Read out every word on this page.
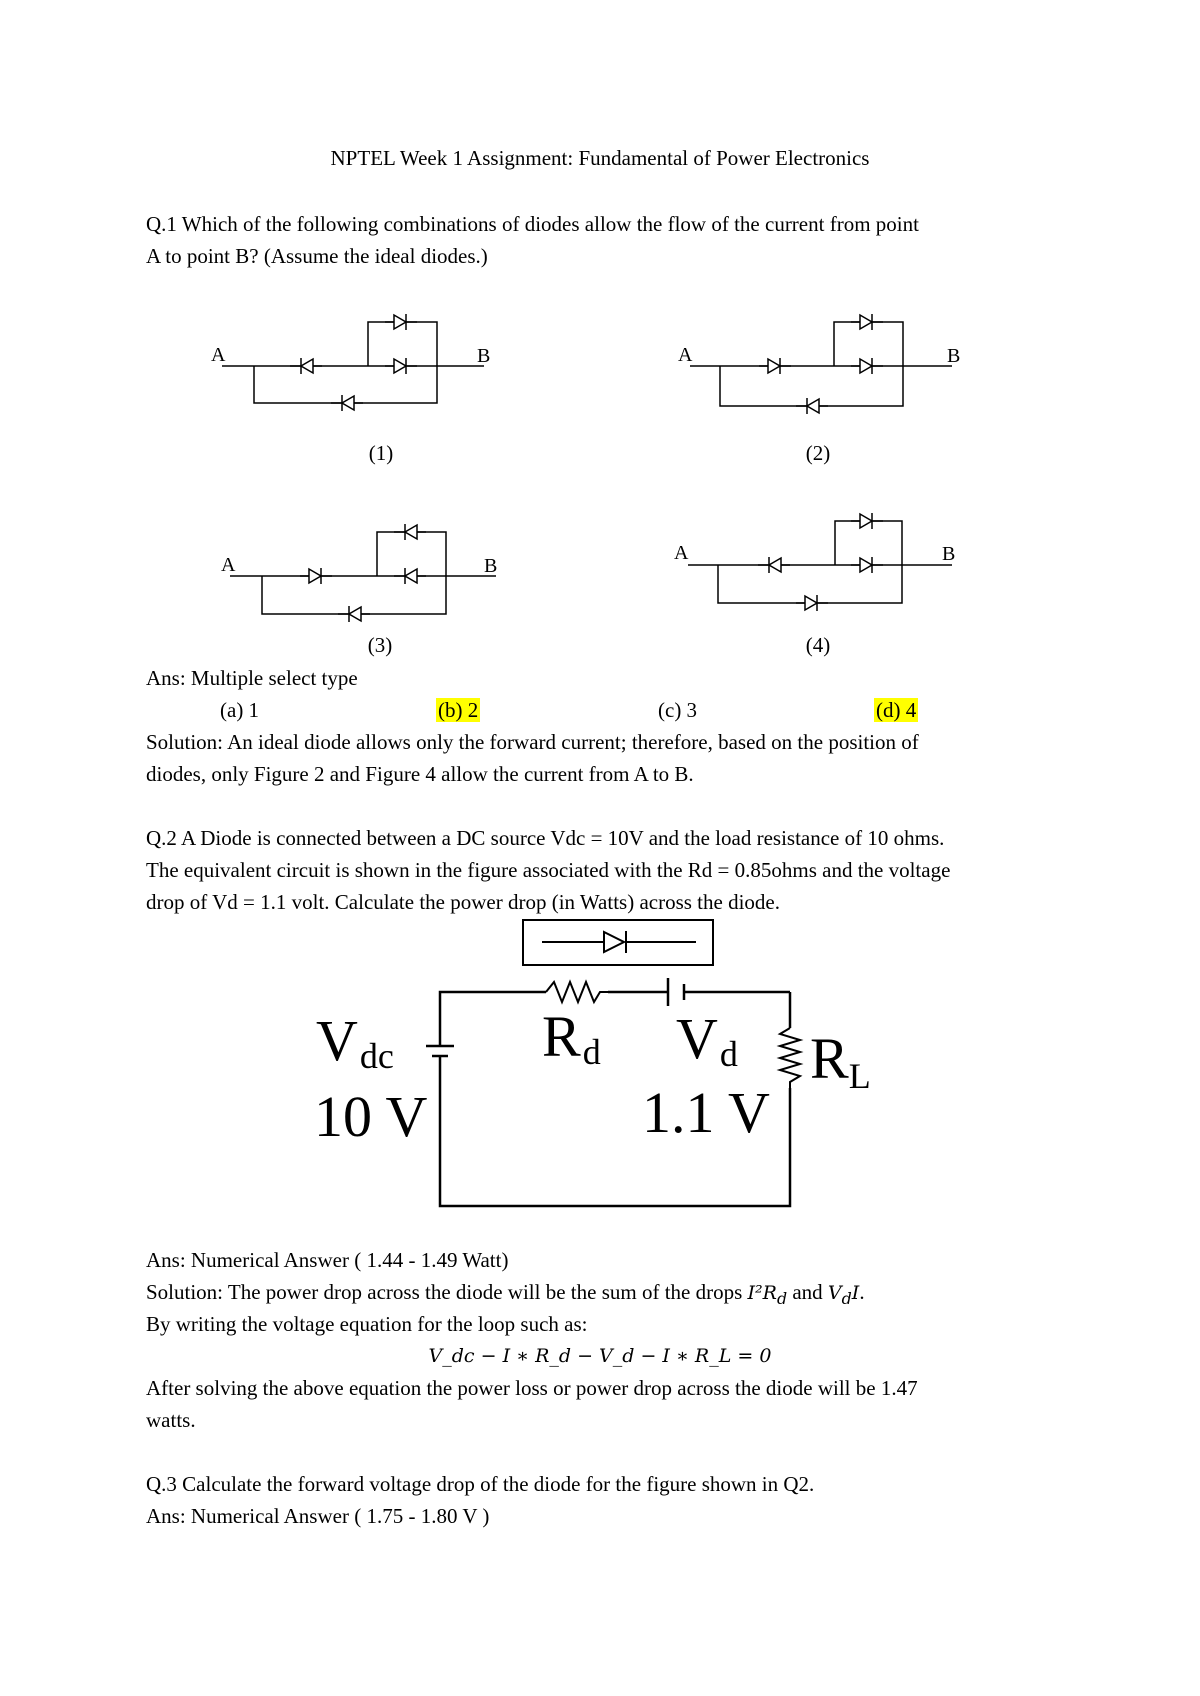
NPTEL Week 1 Assignment: Fundamental of Power Electronics
Q.1 Which of the following combinations of diodes allow the flow of the current from point
A to point B? (Assume the ideal diodes.)
A	B
(1)
A	B
(2)
A	B
(3)
A	B
(4)
Ans: Multiple select type
(a) 1	(b) 2	(c) 3	(d) 4
Solution: An ideal diode allows only the forward current; therefore, based on the position of
diodes, only Figure 2 and Figure 4 allow the current from A to B.
Q.2 A Diode is connected between a DC source Vdc = 10V and the load resistance of 10 ohms.
The equivalent circuit is shown in the figure associated with the Rd = 0.85ohms and the voltage
drop of Vd = 1.1 volt. Calculate the power drop (in Watts) across the diode.
Vdc
10 V
Rd Vd
1.1 V
RL
Ans: Numerical Answer ( 1.44 - 1.49 Watt)
Solution: The power drop across the diode will be the sum of the drops $I^2R_d$ and $V_dI$.
By writing the voltage equation for the loop such as:
V_dc − I ∗ R_d − V_d − I ∗ R_L = 0
After solving the above equation the power loss or power drop across the diode will be 1.47
watts.
Q.3 Calculate the forward voltage drop of the diode for the figure shown in Q2.
Ans: Numerical Answer ( 1.75 - 1.80 V )
